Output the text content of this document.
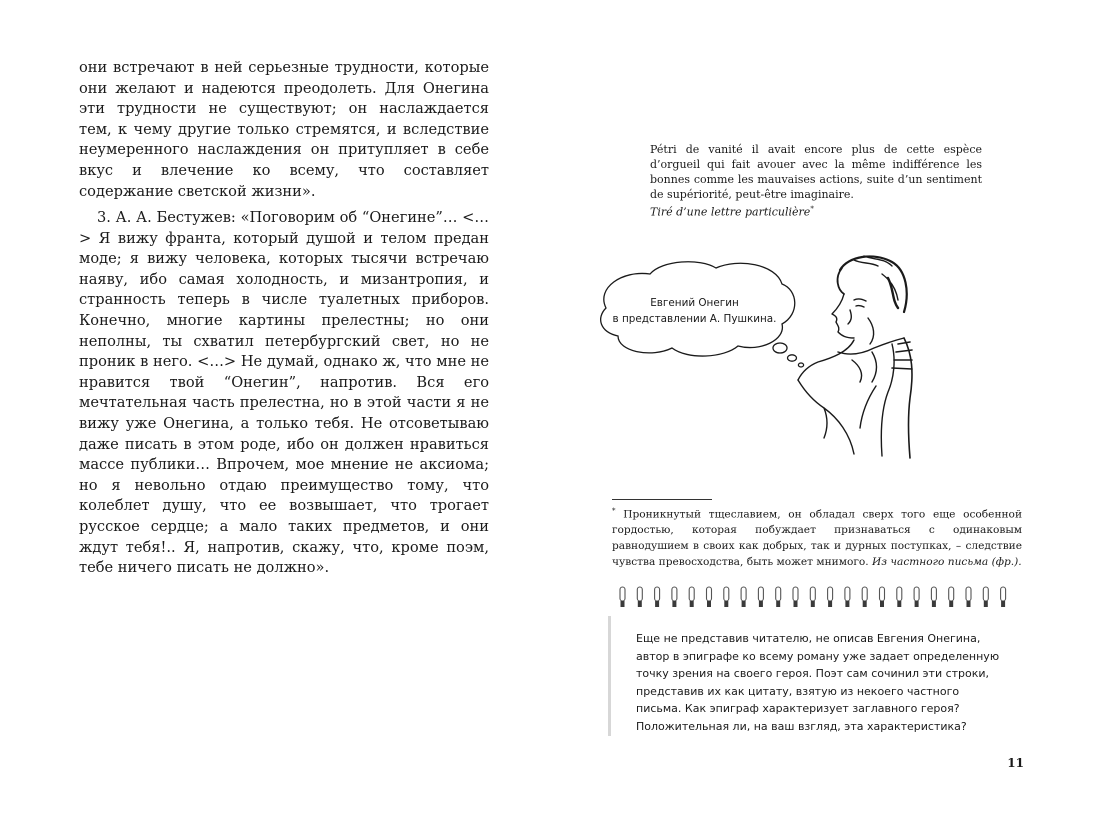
они встречают в ней серьезные трудности, которые они желают и надеются преодолеть. Для Онегина эти трудности не существуют; он наслаждается тем, к чему другие только стремятся, и вследствие неумеренного наслаждения он притупляет в себе вкус и влечение ко всему, что составляет содержание светской жизни».

3. А. А. Бестужев: «Поговорим об “Онегине”… <…> Я вижу франта, который душой и телом предан моде; я вижу человека, которых тысячи встречаю наяву, ибо самая холодность, и мизантропия, и странность теперь в числе туалетных приборов. Конечно, многие картины прелестны; но они неполны, ты схватил петербургский свет, но не проник в него. <…> Не думай, однако ж, что мне не нравится твой “Онегин”, напротив. Вся его мечтательная часть прелестна, но в этой части я не вижу уже Онегина, а только тебя. Не отсоветываю даже писать в этом роде, ибо он должен нравиться массе публики… Впрочем, мое мнение не аксиома; но я невольно отдаю преимущество тому, что колеблет душу, что ее возвышает, что трогает русское сердце; а мало таких предметов, и они ждут тебя!.. Я, напротив, скажу, что, кроме поэм, тебе ничего писать не должно».

Pétri de vanité il avait encore plus de cette espèce d’orgueil qui fait avouer avec la même indifférence les bonnes comme les mauvaises actions, suite d’un sentiment de supériorité, peut-être imaginaire.

Tiré d’une lettre particulière*

Евгений Онегин
в представлении А. Пушкина.

* Проникнутый тщеславием, он обладал сверх того еще особенной гордостью, которая побуждает признаваться с одинаковым равнодушием в своих как добрых, так и дурных поступках, – следствие чувства превосходства, быть может мнимого. Из частного письма (фр.).

Еще не представив читателю, не описав Евгения Онегина, автор в эпиграфе ко всему роману уже задает определенную точку зрения на своего героя. Поэт сам сочинил эти строки, представив их как цитату, взятую из некоего частного письма. Как эпиграф характеризует заглавного героя? Положительная ли, на ваш взгляд, эта характеристика?

11
